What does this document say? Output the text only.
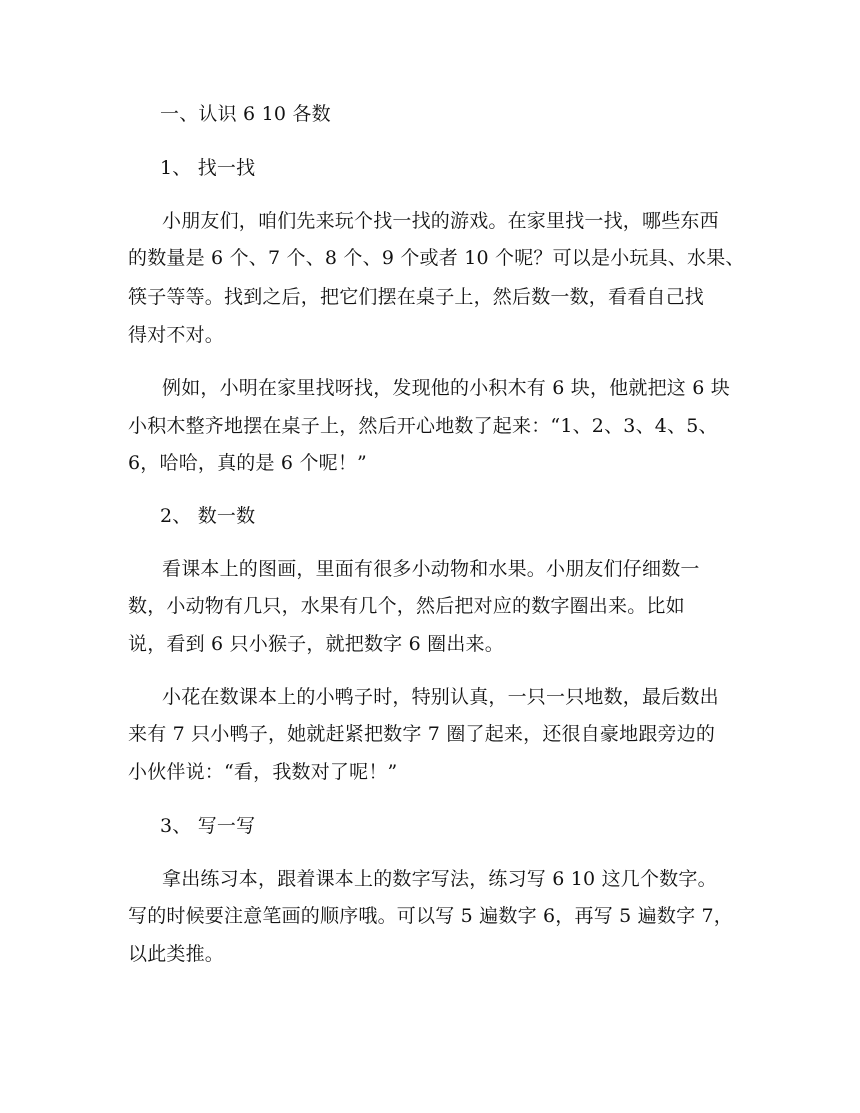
一、认识 6 10 各数
1、 找一找
小朋友们，咱们先来玩个找一找的游戏。在家里找一找，哪些东西
的数量是 6 个、7 个、8 个、9 个或者 10 个呢？可以是小玩具、水果、
筷子等等。找到之后，把它们摆在桌子上，然后数一数，看看自己找
得对不对。
例如，小明在家里找呀找，发现他的小积木有 6 块，他就把这 6 块
小积木整齐地摆在桌子上，然后开心地数了起来：“1、2、3、4、5、
6，哈哈，真的是 6 个呢！”
2、 数一数
看课本上的图画，里面有很多小动物和水果。小朋友们仔细数一
数，小动物有几只，水果有几个，然后把对应的数字圈出来。比如
说，看到 6 只小猴子，就把数字 6 圈出来。
小花在数课本上的小鸭子时，特别认真，一只一只地数，最后数出
来有 7 只小鸭子，她就赶紧把数字 7 圈了起来，还很自豪地跟旁边的
小伙伴说：“看，我数对了呢！”
3、 写一写
拿出练习本，跟着课本上的数字写法，练习写 6 10 这几个数字。
写的时候要注意笔画的顺序哦。可以写 5 遍数字 6，再写 5 遍数字 7，
以此类推。
